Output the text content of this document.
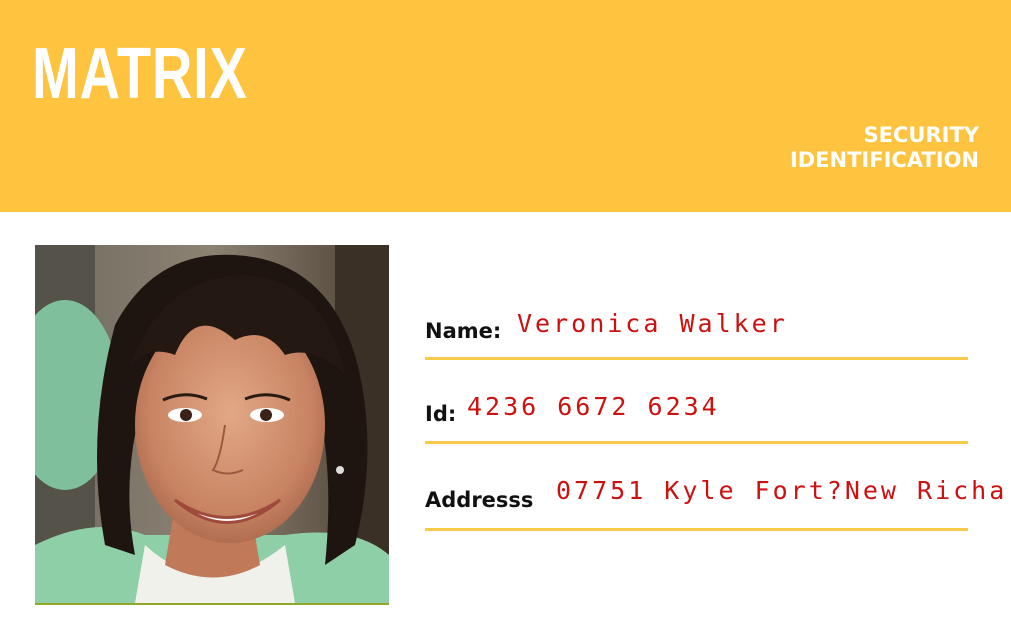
MATRIX
SECURITY
IDENTIFICATION
Name: Veronica Walker
Id: 4236 6672 6234
Addresss 07751 Kyle Fort?New Richa
